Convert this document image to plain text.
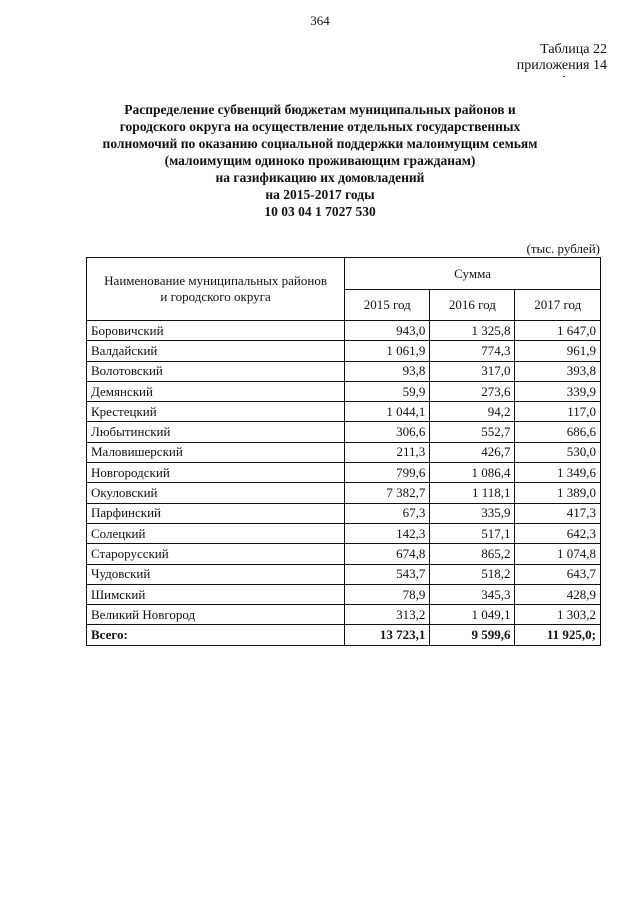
364
Таблица 22
приложения 14
Распределение субвенций бюджетам муниципальных районов и
городского округа на осуществление отдельных государственных
полномочий по оказанию социальной поддержки малоимущим семьям
(малоимущим одиноко проживающим гражданам)
на газификацию их домовладений
на 2015-2017 годы
10 03 04 1 7027 530
(тыс. рублей)
Наименование муниципальных районов
и городского округа	Сумма		
	2015 год	2016 год	2017 год
Боровичский	943,0	1 325,8	1 647,0
Валдайский	1 061,9	774,3	961,9
Волотовский	93,8	317,0	393,8
Демянский	59,9	273,6	339,9
Крестецкий	1 044,1	94,2	117,0
Любытинский	306,6	552,7	686,6
Маловишерский	211,3	426,7	530,0
Новгородский	799,6	1 086,4	1 349,6
Окуловский	7 382,7	1 118,1	1 389,0
Парфинский	67,3	335,9	417,3
Солецкий	142,3	517,1	642,3
Старорусский	674,8	865,2	1 074,8
Чудовский	543,7	518,2	643,7
Шимский	78,9	345,3	428,9
Великий Новгород	313,2	1 049,1	1 303,2
Всего:	13 723,1	9 599,6	11 925,0;
